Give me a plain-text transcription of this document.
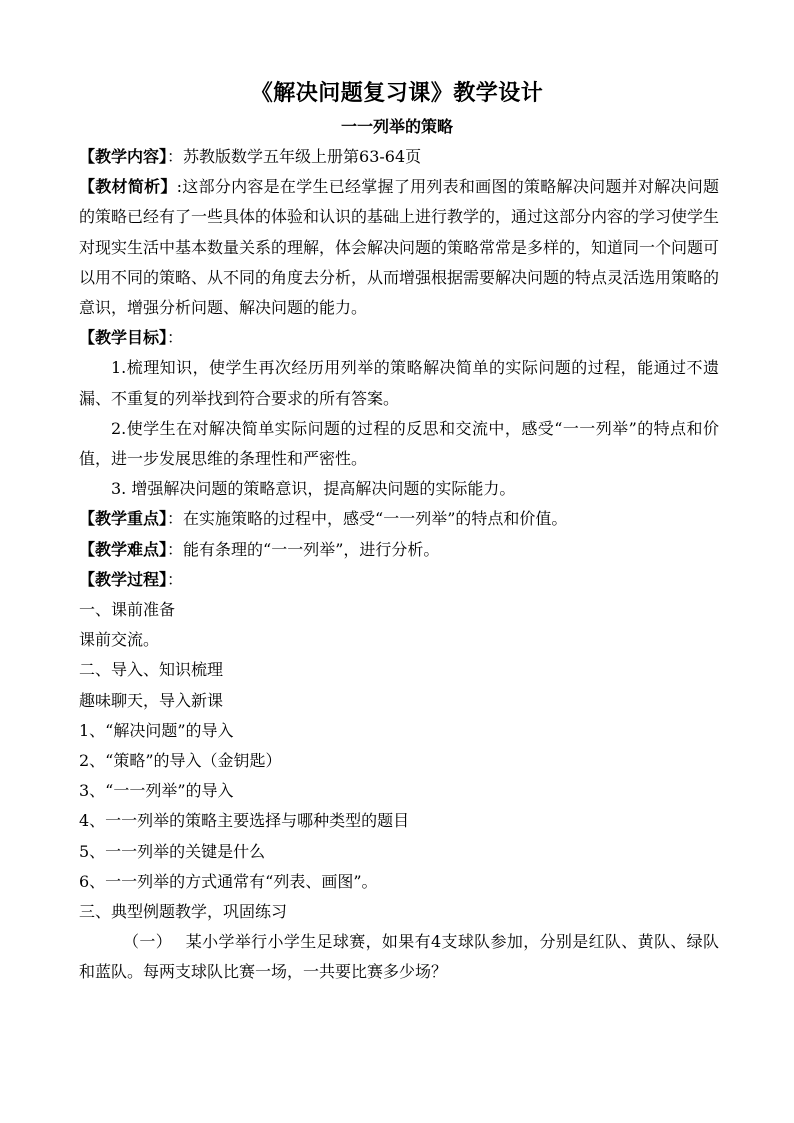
《解决问题复习课》教学设计
一一列举的策略

【教学内容】：苏教版数学五年级上册第63-64页

【教材简析】:这部分内容是在学生已经掌握了用列表和画图的策略解决问题并对解决问题的策略已经有了一些具体的体验和认识的基础上进行教学的，通过这部分内容的学习使学生对现实生活中基本数量关系的理解，体会解决问题的策略常常是多样的，知道同一个问题可以用不同的策略、从不同的角度去分析，从而增强根据需要解决问题的特点灵活选用策略的意识，增强分析问题、解决问题的能力。

【教学目标】：

1.梳理知识，使学生再次经历用列举的策略解决简单的实际问题的过程，能通过不遗漏、不重复的列举找到符合要求的所有答案。

2.使学生在对解决简单实际问题的过程的反思和交流中，感受“一一列举”的特点和价值，进一步发展思维的条理性和严密性。

3. 增强解决问题的策略意识，提高解决问题的实际能力。

【教学重点】：在实施策略的过程中，感受“一一列举”的特点和价值。

【教学难点】：能有条理的“一一列举”，进行分析。

【教学过程】：

一、课前准备

课前交流。

二、导入、知识梳理

趣味聊天，导入新课

1、“解决问题”的导入

2、“策略”的导入（金钥匙）

3、“一一列举”的导入

4、一一列举的策略主要选择与哪种类型的题目

5、一一列举的关键是什么

6、一一列举的方式通常有“列表、画图”。

三、典型例题教学，巩固练习

（一）　 某小学举行小学生足球赛，如果有4支球队参加，分别是红队、黄队、绿队和蓝队。每两支球队比赛一场，一共要比赛多少场？
